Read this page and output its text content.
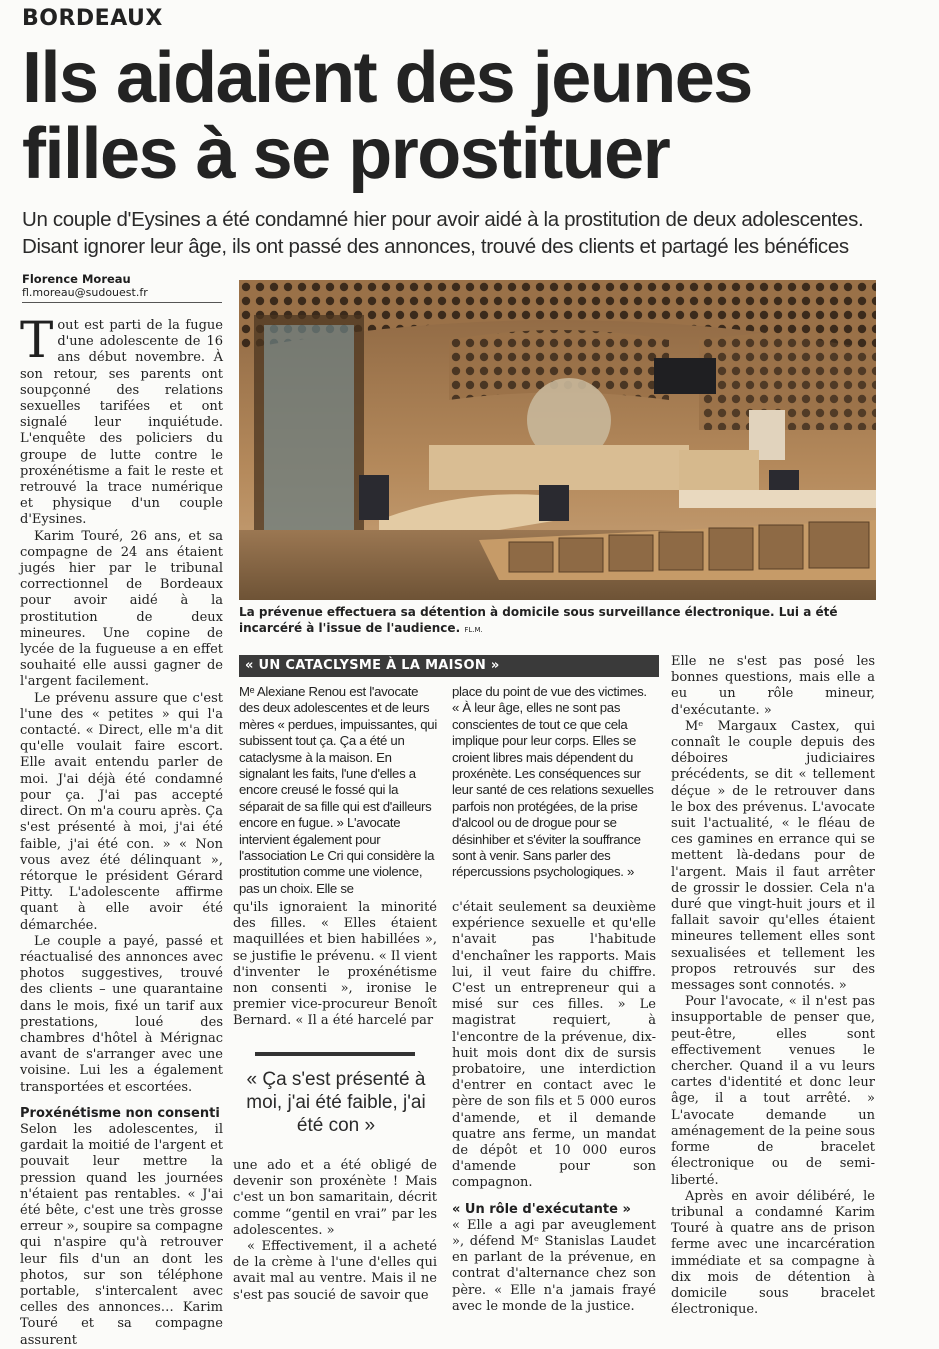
BORDEAUX
Ils aidaient des jeunes filles à se prostituer
Un couple d'Eysines a été condamné hier pour avoir aidé à la prostitution de deux adolescentes. Disant ignorer leur âge, ils ont passé des annonces, trouvé des clients et partagé les bénéfices
Florence Moreau
fl.moreau@sudouest.fr

Tout est parti de la fugue d'une adolescente de 16 ans début novembre. À son retour, ses parents ont soupçonné des relations sexuelles tarifées et ont signalé leur inquiétude. L'enquête des policiers du groupe de lutte contre le proxénétisme a fait le reste et retrouvé la trace numérique et physique d'un couple d'Eysines.

Karim Touré, 26 ans, et sa compagne de 24 ans étaient jugés hier par le tribunal correctionnel de Bordeaux pour avoir aidé à la prostitution de deux mineures. Une copine de lycée de la fugueuse a en effet souhaité elle aussi gagner de l'argent facilement.

Le prévenu assure que c'est l'une des « petites » qui l'a contacté. « Direct, elle m'a dit qu'elle voulait faire escort. Elle avait entendu parler de moi. J'ai déjà été condamné pour ça. J'ai pas accepté direct. On m'a couru après. Ça s'est présenté à moi, j'ai été faible, j'ai été con. » « Non vous avez été délinquant », rétorque le président Gérard Pitty. L'adolescente affirme quant à elle avoir été démarchée.

Le couple a payé, passé et réactualisé des annonces avec photos suggestives, trouvé des clients – une quarantaine dans le mois, fixé un tarif aux prestations, loué des chambres d'hôtel à Mérignac avant de s'arranger avec une voisine. Lui les a également transportées et escortées.

Proxénétisme non consenti

Selon les adolescentes, il gardait la moitié de l'argent et pouvait leur mettre la pression quand les journées n'étaient pas rentables. « J'ai été bête, c'est une très grosse erreur », soupire sa compagne qui n'aspire qu'à retrouver leur fils d'un an dont les photos, sur son téléphone portable, s'intercalent avec celles des annonces… Karim Touré et sa compagne assurent

La prévenue effectuera sa détention à domicile sous surveillance électronique. Lui a été incarcéré à l'issue de l'audience. FL.M.
« UN CATACLYSME À LA MAISON »
Mᵉ Alexiane Renou est l'avocate des deux adolescentes et de leurs mères « perdues, impuissantes, qui subissent tout ça. Ça a été un cataclysme à la maison. En signalant les faits, l'une d'elles a encore creusé le fossé qui la séparait de sa fille qui est d'ailleurs encore en fugue. » L'avocate intervient également pour l'association Le Cri qui considère la prostitution comme une violence, pas un choix. Elle se
place du point de vue des victimes. « À leur âge, elles ne sont pas conscientes de tout ce que cela implique pour leur corps. Elles se croient libres mais dépendent du proxénète. Les conséquences sur leur santé de ces relations sexuelles parfois non protégées, de la prise d'alcool ou de drogue pour se désinhiber et s'éviter la souffrance sont à venir. Sans parler des répercussions psychologiques. »

qu'ils ignoraient la minorité des filles. « Elles étaient maquillées et bien habillées », se justifie le prévenu. « Il vient d'inventer le proxénétisme non consenti », ironise le premier vice-procureur Benoît Bernard. « Il a été harcelé par

« Ça s'est présenté à moi, j'ai été faible, j'ai été con »

une ado et a été obligé de devenir son proxénète ! Mais c'est un bon samaritain, décrit comme “gentil en vrai” par les adolescentes. »

« Effectivement, il a acheté de la crème à l'une d'elles qui avait mal au ventre. Mais il ne s'est pas soucié de savoir que

c'était seulement sa deuxième expérience sexuelle et qu'elle n'avait pas l'habitude d'enchaîner les rapports. Mais lui, il veut faire du chiffre. C'est un entrepreneur qui a misé sur ces filles. » Le magistrat requiert, à l'encontre de la prévenue, dix-huit mois dont dix de sursis probatoire, une interdiction d'entrer en contact avec le père de son fils et 5 000 euros d'amende, et il demande quatre ans ferme, un mandat de dépôt et 10 000 euros d'amende pour son compagnon.

« Un rôle d'exécutante »

« Elle a agi par aveuglement », défend Mᵉ Stanislas Laudet en parlant de la prévenue, en contrat d'alternance chez son père. « Elle n'a jamais frayé avec le monde de la justice.

Elle ne s'est pas posé les bonnes questions, mais elle a eu un rôle mineur, d'exécutante. »

Mᵉ Margaux Castex, qui connaît le couple depuis des déboires judiciaires précédents, se dit « tellement déçue » de le retrouver dans le box des prévenus. L'avocate suit l'actualité, « le fléau de ces gamines en errance qui se mettent là-dedans pour de l'argent. Mais il faut arrêter de grossir le dossier. Cela n'a duré que vingt-huit jours et il fallait savoir qu'elles étaient mineures tellement elles sont sexualisées et tellement les propos retrouvés sur des messages sont connotés. »

Pour l'avocate, « il n'est pas insupportable de penser que, peut-être, elles sont effectivement venues le chercher. Quand il a vu leurs cartes d'identité et donc leur âge, il a tout arrêté. » L'avocate demande un aménagement de la peine sous forme de bracelet électronique ou de semi-liberté.

Après en avoir délibéré, le tribunal a condamné Karim Touré à quatre ans de prison ferme avec une incarcération immédiate et sa compagne à dix mois de détention à domicile sous bracelet électronique.
